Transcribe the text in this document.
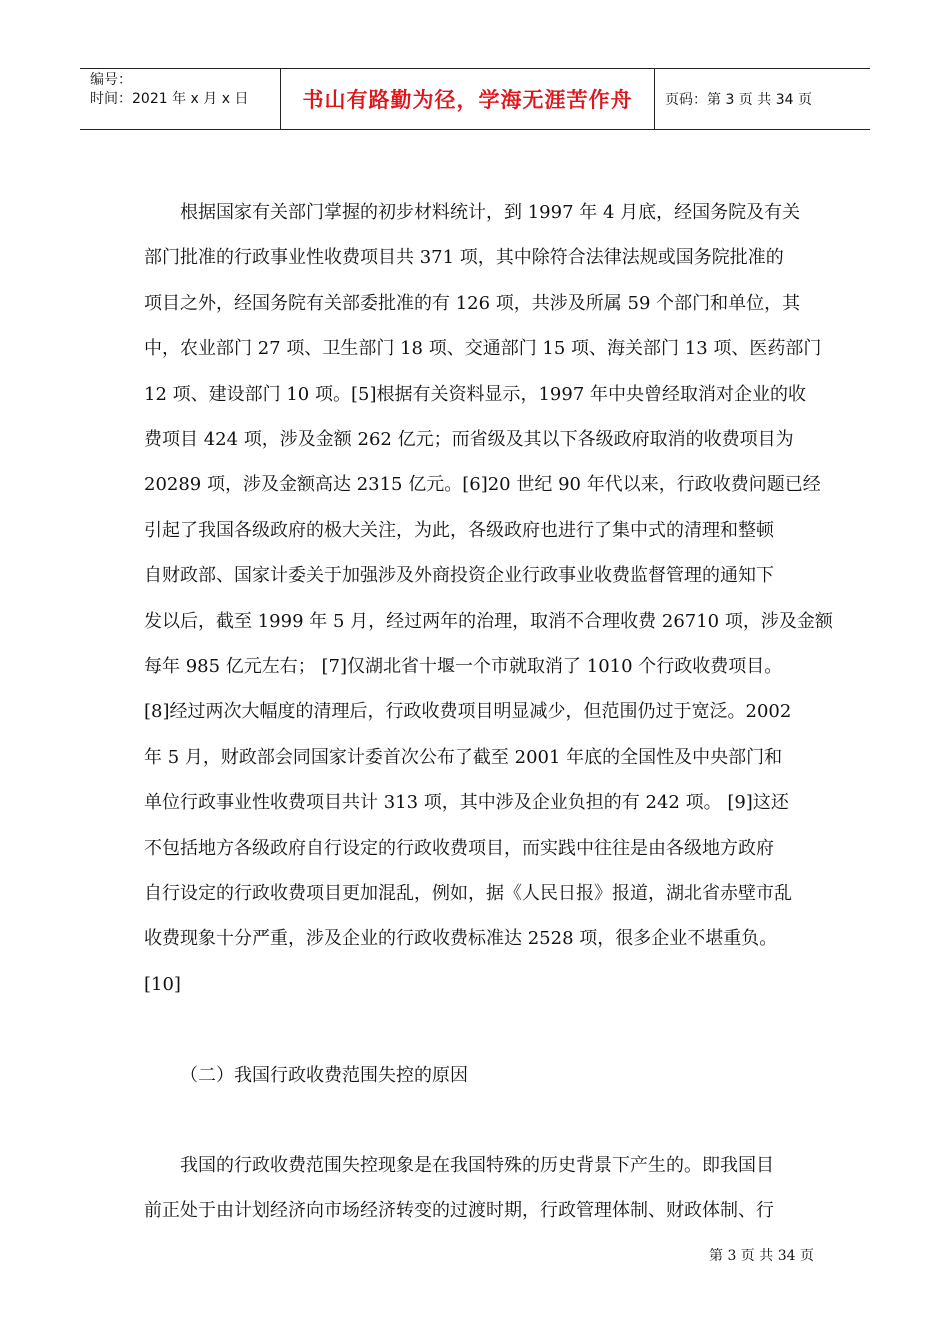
编号：
时间：2021 年 x 月 x 日	书山有路勤为径，学海无涯苦作舟	页码：第 3 页 共 34 页
根据国家有关部门掌握的初步材料统计，到 1997 年 4 月底，经国务院及有关
部门批准的行政事业性收费项目共 371 项，其中除符合法律法规或国务院批准的
项目之外，经国务院有关部委批准的有 126 项，共涉及所属 59 个部门和单位，其
中，农业部门 27 项、卫生部门 18 项、交通部门 15 项、海关部门 13 项、医药部门
12 项、建设部门 10 项。[5]根据有关资料显示，1997 年中央曾经取消对企业的收
费项目 424 项，涉及金额 262 亿元；而省级及其以下各级政府取消的收费项目为
20289 项，涉及金额高达 2315 亿元。[6]20 世纪 90 年代以来，行政收费问题已经
引起了我国各级政府的极大关注，为此，各级政府也进行了集中式的清理和整顿
自财政部、国家计委关于加强涉及外商投资企业行政事业收费监督管理的通知下
发以后，截至 1999 年 5 月，经过两年的治理，取消不合理收费 26710 项，涉及金额
每年 985 亿元左右； [7]仅湖北省十堰一个市就取消了 1010 个行政收费项目。
[8]经过两次大幅度的清理后，行政收费项目明显减少，但范围仍过于宽泛。2002
年 5 月，财政部会同国家计委首次公布了截至 2001 年底的全国性及中央部门和
单位行政事业性收费项目共计 313 项，其中涉及企业负担的有 242 项。 [9]这还
不包括地方各级政府自行设定的行政收费项目，而实践中往往是由各级地方政府
自行设定的行政收费项目更加混乱，例如，据《人民日报》报道，湖北省赤壁市乱
收费现象十分严重，涉及企业的行政收费标准达 2528 项，很多企业不堪重负。
[10]
（二）我国行政收费范围失控的原因
我国的行政收费范围失控现象是在我国特殊的历史背景下产生的。即我国目
前正处于由计划经济向市场经济转变的过渡时期，行政管理体制、财政体制、行
第 3 页 共 34 页
